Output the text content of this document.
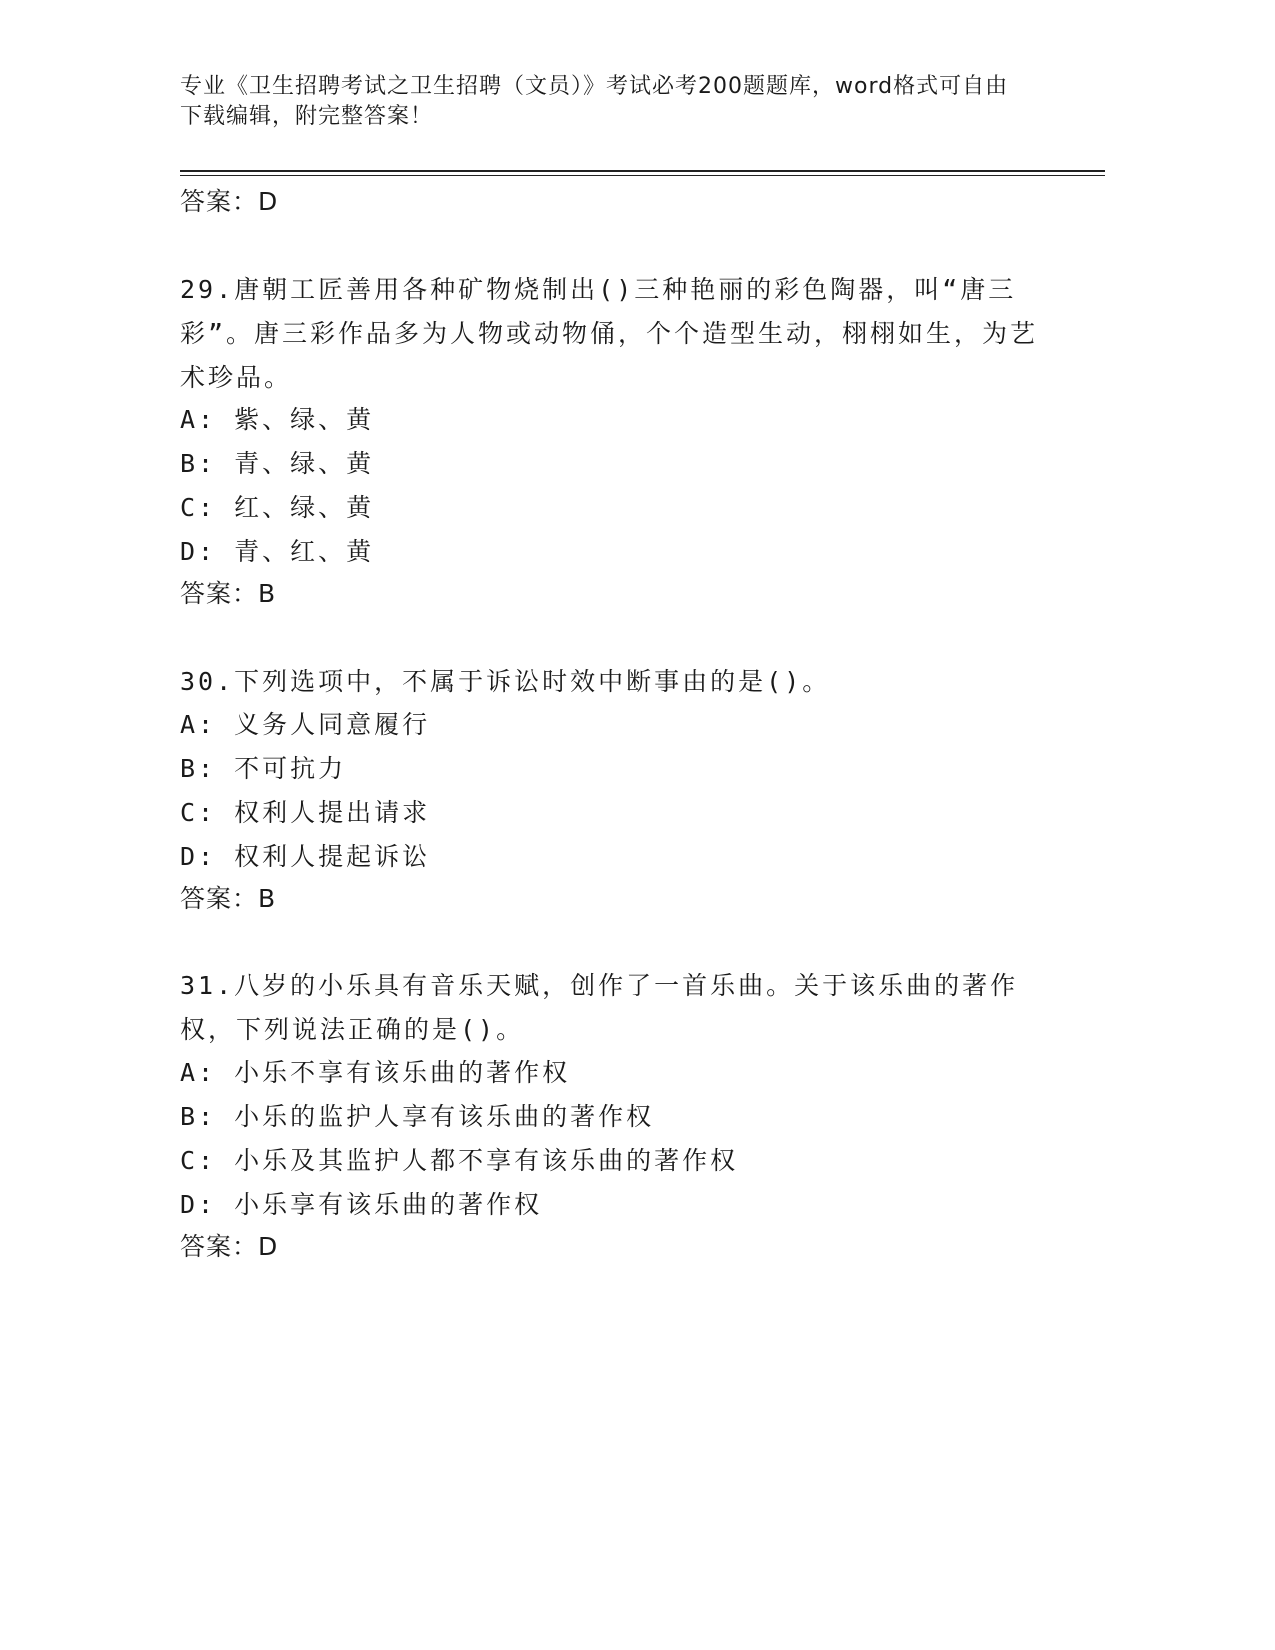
专业《卫生招聘考试之卫生招聘（文员）》考试必考200题题库，word格式可自由下载编辑，附完整答案！
答案：D
29.唐朝工匠善用各种矿物烧制出()三种艳丽的彩色陶器，叫“唐三彩”。唐三彩作品多为人物或动物俑，个个造型生动，栩栩如生，为艺术珍品。
A: 紫、绿、黄
B: 青、绿、黄
C: 红、绿、黄
D: 青、红、黄
答案：B
30.下列选项中，不属于诉讼时效中断事由的是()。
A: 义务人同意履行
B: 不可抗力
C: 权利人提出请求
D: 权利人提起诉讼
答案：B
31.八岁的小乐具有音乐天赋，创作了一首乐曲。关于该乐曲的著作权，下列说法正确的是()。
A: 小乐不享有该乐曲的著作权
B: 小乐的监护人享有该乐曲的著作权
C: 小乐及其监护人都不享有该乐曲的著作权
D: 小乐享有该乐曲的著作权
答案：D
